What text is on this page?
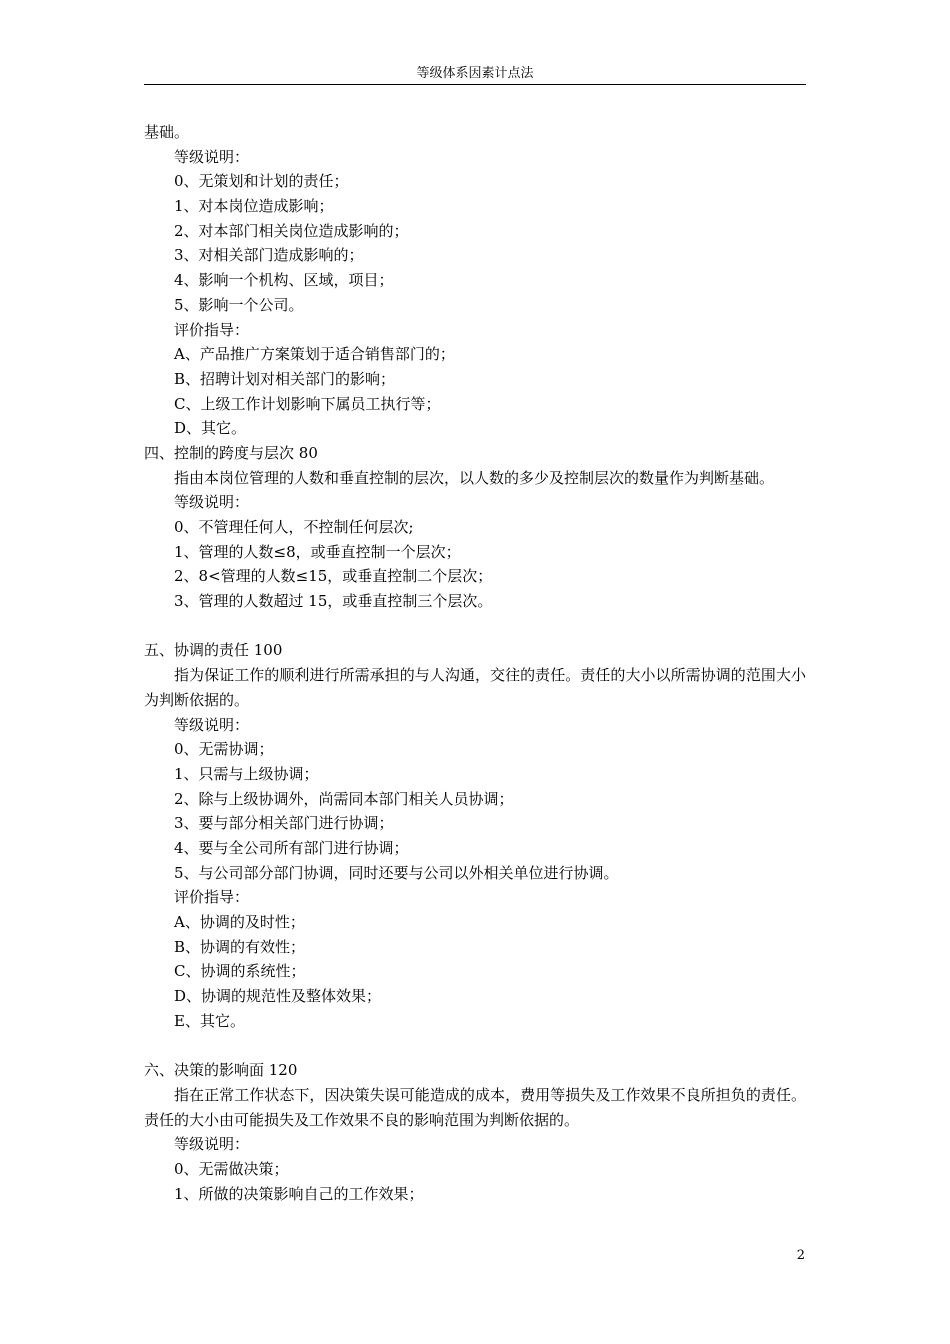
等级体系因素计点法
基础。
等级说明：
0、无策划和计划的责任；
1、对本岗位造成影响；
2、对本部门相关岗位造成影响的；
3、对相关部门造成影响的；
4、影响一个机构、区域，项目；
5、影响一个公司。
评价指导：
A、产品推广方案策划于适合销售部门的；
B、招聘计划对相关部门的影响；
C、上级工作计划影响下属员工执行等；
D、其它。
四、控制的跨度与层次 80

指由本岗位管理的人数和垂直控制的层次，以人数的多少及控制层次的数量作为判断基础。

等级说明：
0、不管理任何人，不控制任何层次;
1、管理的人数≤8，或垂直控制一个层次；
2、8<管理的人数≤15，或垂直控制二个层次；
3、管理的人数超过 15，或垂直控制三个层次。
五、协调的责任 100

指为保证工作的顺利进行所需承担的与人沟通，交往的责任。责任的大小以所需协调的范围大小为判断依据的。

等级说明：
0、无需协调；
1、只需与上级协调；
2、除与上级协调外，尚需同本部门相关人员协调；
3、要与部分相关部门进行协调；
4、要与全公司所有部门进行协调；
5、与公司部分部门协调，同时还要与公司以外相关单位进行协调。
评价指导：
A、协调的及时性；
B、协调的有效性；
C、协调的系统性；
D、协调的规范性及整体效果；
E、其它。
六、决策的影响面 120

指在正常工作状态下，因决策失误可能造成的成本，费用等损失及工作效果不良所担负的责任。责任的大小由可能损失及工作效果不良的影响范围为判断依据的。

等级说明：
0、无需做决策；
1、所做的决策影响自己的工作效果；
2
